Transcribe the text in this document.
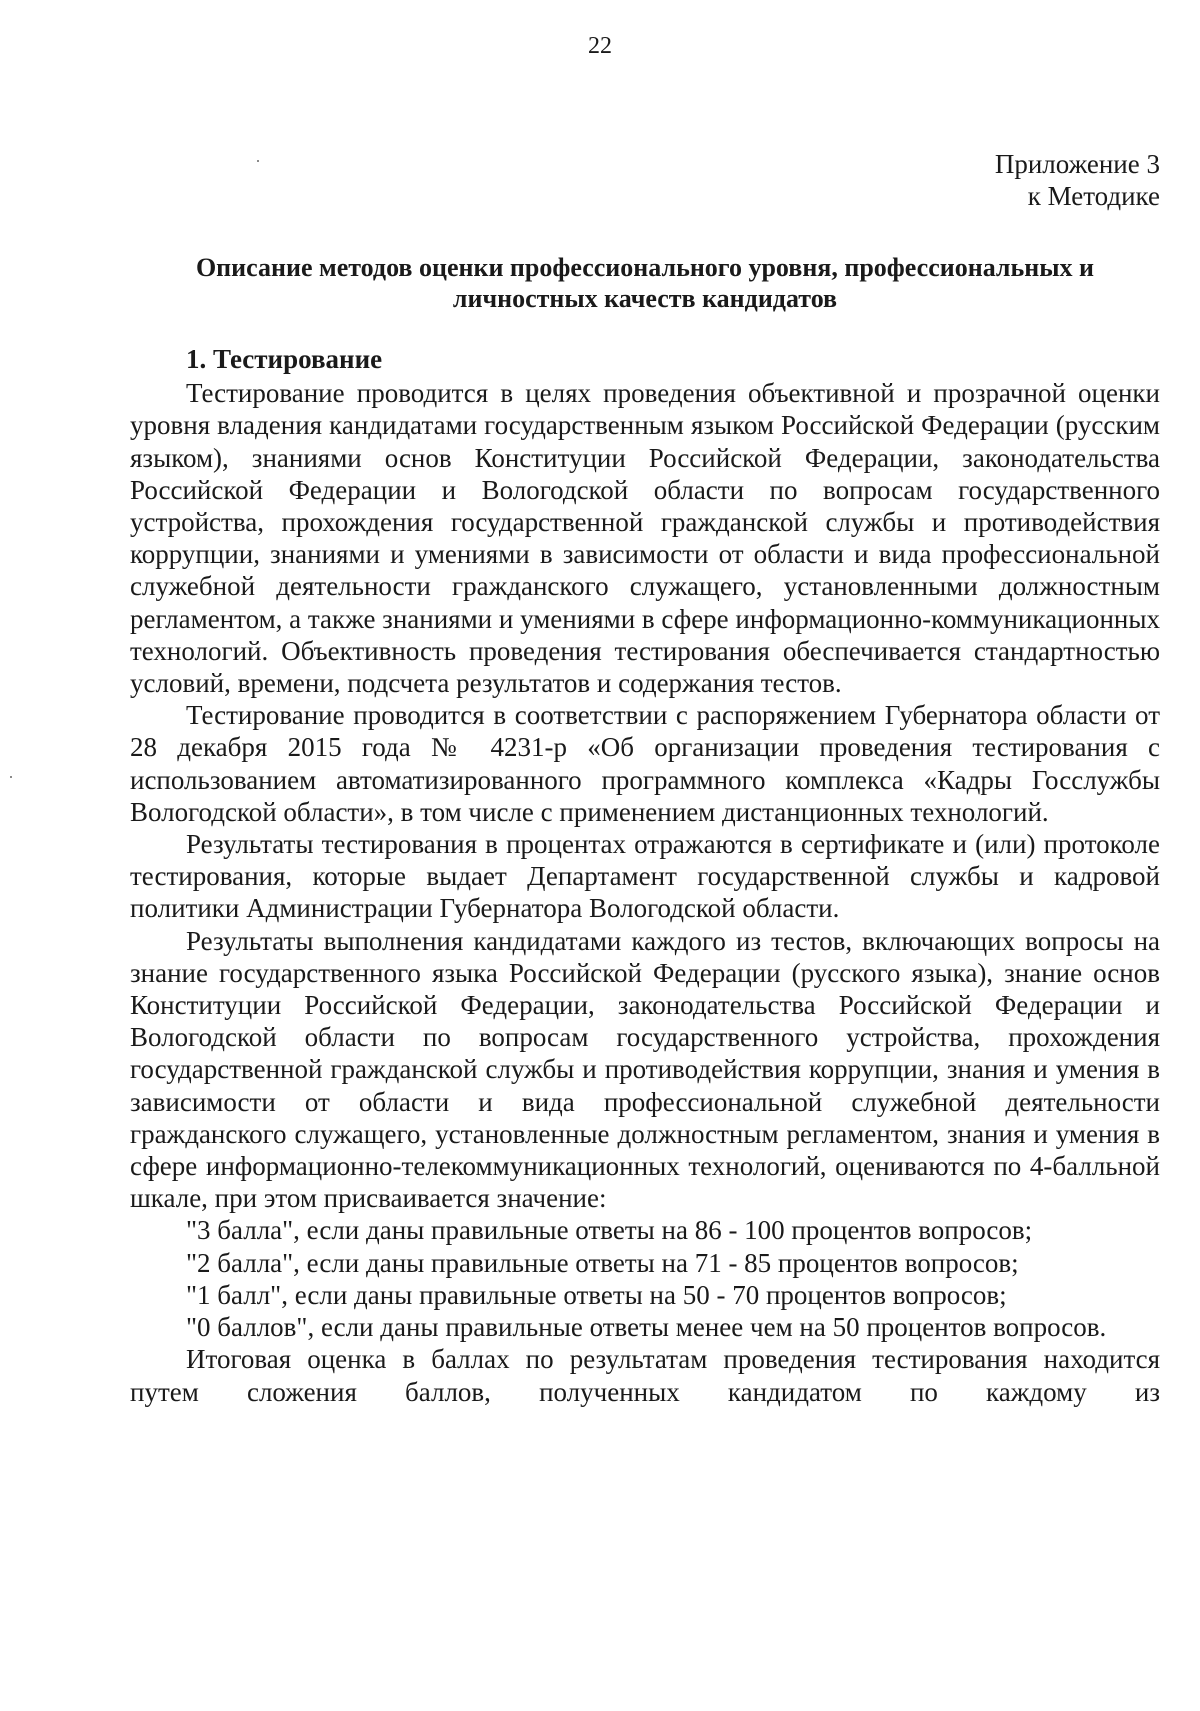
22
Приложение 3
к Методике
Описание методов оценки профессионального уровня, профессиональных и личностных качеств кандидатов
1. Тестирование

Тестирование проводится в целях проведения объективной и прозрачной оценки уровня владения кандидатами государственным языком Российской Федерации (русским языком), знаниями основ Конституции Российской Федерации, законодательства Российской Федерации и Вологодской области по вопросам государственного устройства, прохождения государственной гражданской службы и противодействия коррупции, знаниями и умениями в зависимости от области и вида профессиональной служебной деятельности гражданского служащего, установленными должностным регламентом, а также знаниями и умениями в сфере информационно-коммуникационных технологий. Объективность проведения тестирования обеспечивается стандартностью условий, времени, подсчета результатов и содержания тестов.

Тестирование проводится в соответствии с распоряжением Губернатора области от 28 декабря 2015 года № 4231-р «Об организации проведения тестирования с использованием автоматизированного программного комплекса «Кадры Госслужбы Вологодской области», в том числе с применением дистанционных технологий.

Результаты тестирования в процентах отражаются в сертификате и (или) протоколе тестирования, которые выдает Департамент государственной службы и кадровой политики Администрации Губернатора Вологодской области.

Результаты выполнения кандидатами каждого из тестов, включающих вопросы на знание государственного языка Российской Федерации (русского языка), знание основ Конституции Российской Федерации, законодательства Российской Федерации и Вологодской области по вопросам государственного устройства, прохождения государственной гражданской службы и противодействия коррупции, знания и умения в зависимости от области и вида профессиональной служебной деятельности гражданского служащего, установленные должностным регламентом, знания и умения в сфере информационно-телекоммуникационных технологий, оцениваются по 4-балльной шкале, при этом присваивается значение:

"3 балла", если даны правильные ответы на 86 - 100 процентов вопросов;

"2 балла", если даны правильные ответы на 71 - 85 процентов вопросов;

"1 балл", если даны правильные ответы на 50 - 70 процентов вопросов;

"0 баллов", если даны правильные ответы менее чем на 50 процентов вопросов.

Итоговая оценка в баллах по результатам проведения тестирования находится путем сложения баллов, полученных кандидатом по каждому из
